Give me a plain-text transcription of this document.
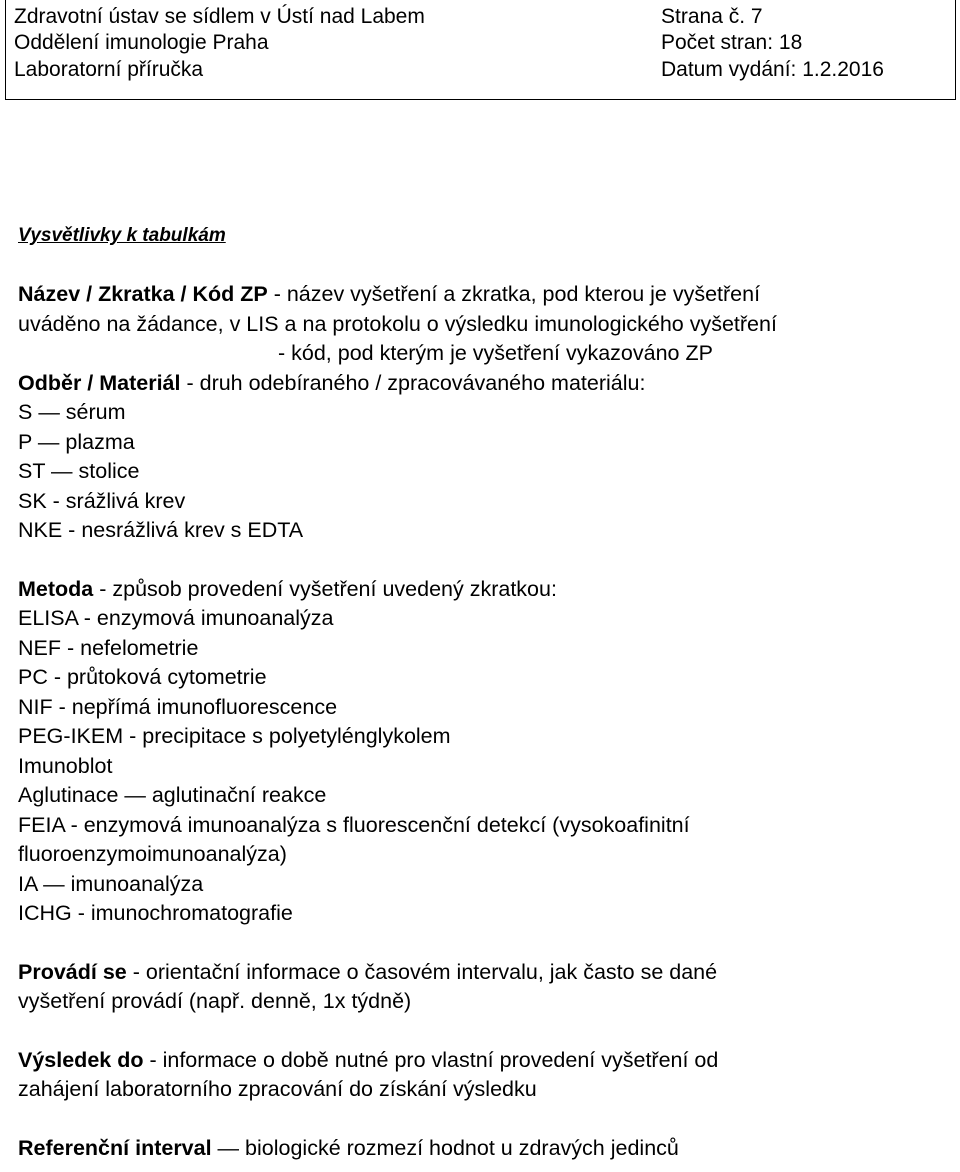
Zdravotní ústav se sídlem v Ústí nad Labem
Oddělení imunologie Praha
Laboratorní příručka
Strana č. 7
Počet stran: 18
Datum vydání: 1.2.2016
Vysvětlivky k tabulkám
Název / Zkratka / Kód ZP - název vyšetření a zkratka, pod kterou je vyšetření
uváděno na žádance, v LIS a na protokolu o výsledku imunologického vyšetření
- kód, pod kterým je vyšetření vykazováno ZP
Odběr / Materiál - druh odebíraného / zpracovávaného materiálu:
S — sérum
P — plazma
ST — stolice
SK - srážlivá krev
NKE - nesrážlivá krev s EDTA
Metoda - způsob provedení vyšetření uvedený zkratkou:
ELISA - enzymová imunoanalýza
NEF - nefelometrie
PC - průtoková cytometrie
NIF - nepřímá imunofluorescence
PEG-IKEM - precipitace s polyetylénglykolem
Imunoblot
Aglutinace — aglutinační reakce
FEIA - enzymová imunoanalýza s fluorescenční detekcí (vysokoafinitní
fluoroenzymoimunoanalýza)
IA — imunoanalýza
ICHG - imunochromatografie
Provádí se - orientační informace o časovém intervalu, jak často se dané
vyšetření provádí (např. denně, 1x týdně)
Výsledek do - informace o době nutné pro vlastní provedení vyšetření od
zahájení laboratorního zpracování do získání výsledku
Referenční interval — biologické rozmezí hodnot u zdravých jedinců
